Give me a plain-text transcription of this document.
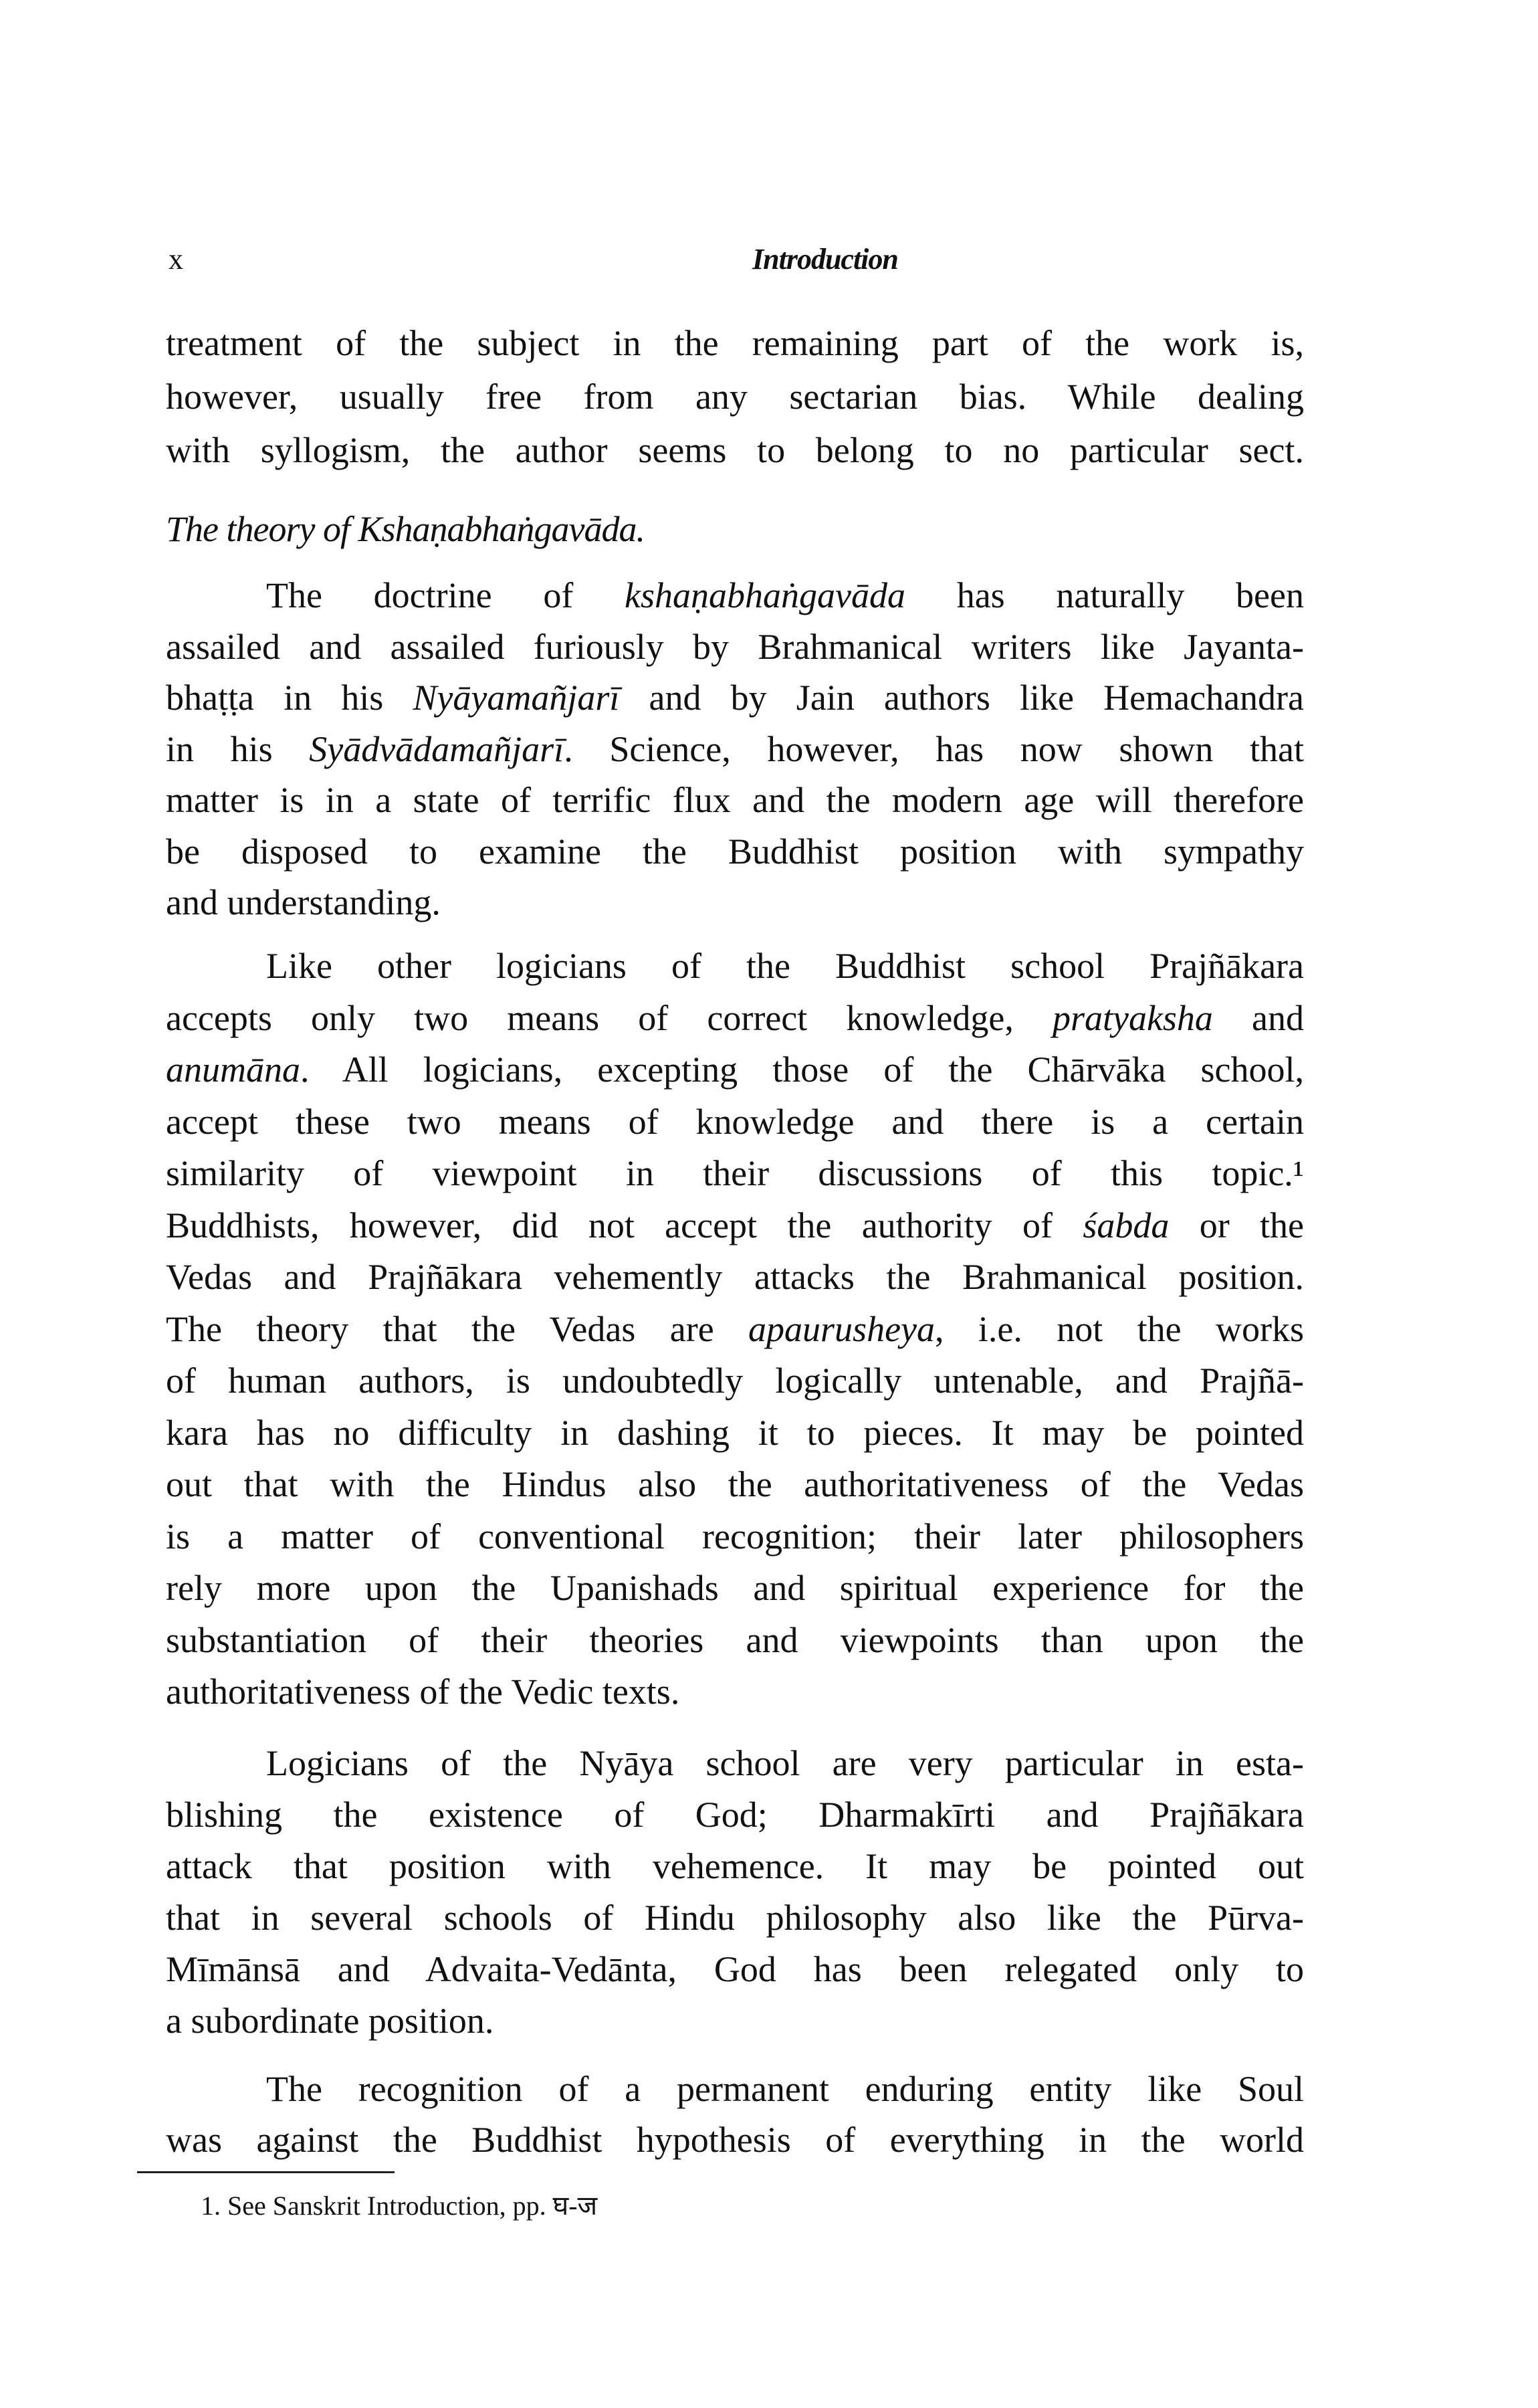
x	Introduction
The theory of Kshaṇabhaṅgavāda.
treatment of the subject in the remaining part of the work is,
however, usually free from any sectarian bias. While dealing
with syllogism, the author seems to belong to no particular sect.
The doctrine of kshaṇabhaṅgavāda has naturally been
assailed and assailed furiously by Brahmanical writers like Jayanta-
bhaṭṭa in his Nyāyamañjarī and by Jain authors like Hemachandra
in his Syādvādamañjarī. Science, however, has now shown that
matter is in a state of terrific flux and the modern age will therefore
be disposed to examine the Buddhist position with sympathy
and understanding.
Like other logicians of the Buddhist school Prajñākara
accepts only two means of correct knowledge, pratyaksha and
anumāna. All logicians, excepting those of the Chārvāka school,
accept these two means of knowledge and there is a certain
similarity of viewpoint in their discussions of this topic.¹
Buddhists, however, did not accept the authority of śabda or the
Vedas and Prajñākara vehemently attacks the Brahmanical position.
The theory that the Vedas are apaurusheya, i.e. not the works
of human authors, is undoubtedly logically untenable, and Prajñā-
kara has no difficulty in dashing it to pieces. It may be pointed
out that with the Hindus also the authoritativeness of the Vedas
is a matter of conventional recognition; their later philosophers
rely more upon the Upanishads and spiritual experience for the
substantiation of their theories and viewpoints than upon the
authoritativeness of the Vedic texts.
Logicians of the Nyāya school are very particular in esta-
blishing the existence of God; Dharmakīrti and Prajñākara
attack that position with vehemence. It may be pointed out
that in several schools of Hindu philosophy also like the Pūrva-
Mīmānsā and Advaita-Vedānta, God has been relegated only to
a subordinate position.
The recognition of a permanent enduring entity like Soul
was against the Buddhist hypothesis of everything in the world
1. See Sanskrit Introduction, pp. घ-ज
